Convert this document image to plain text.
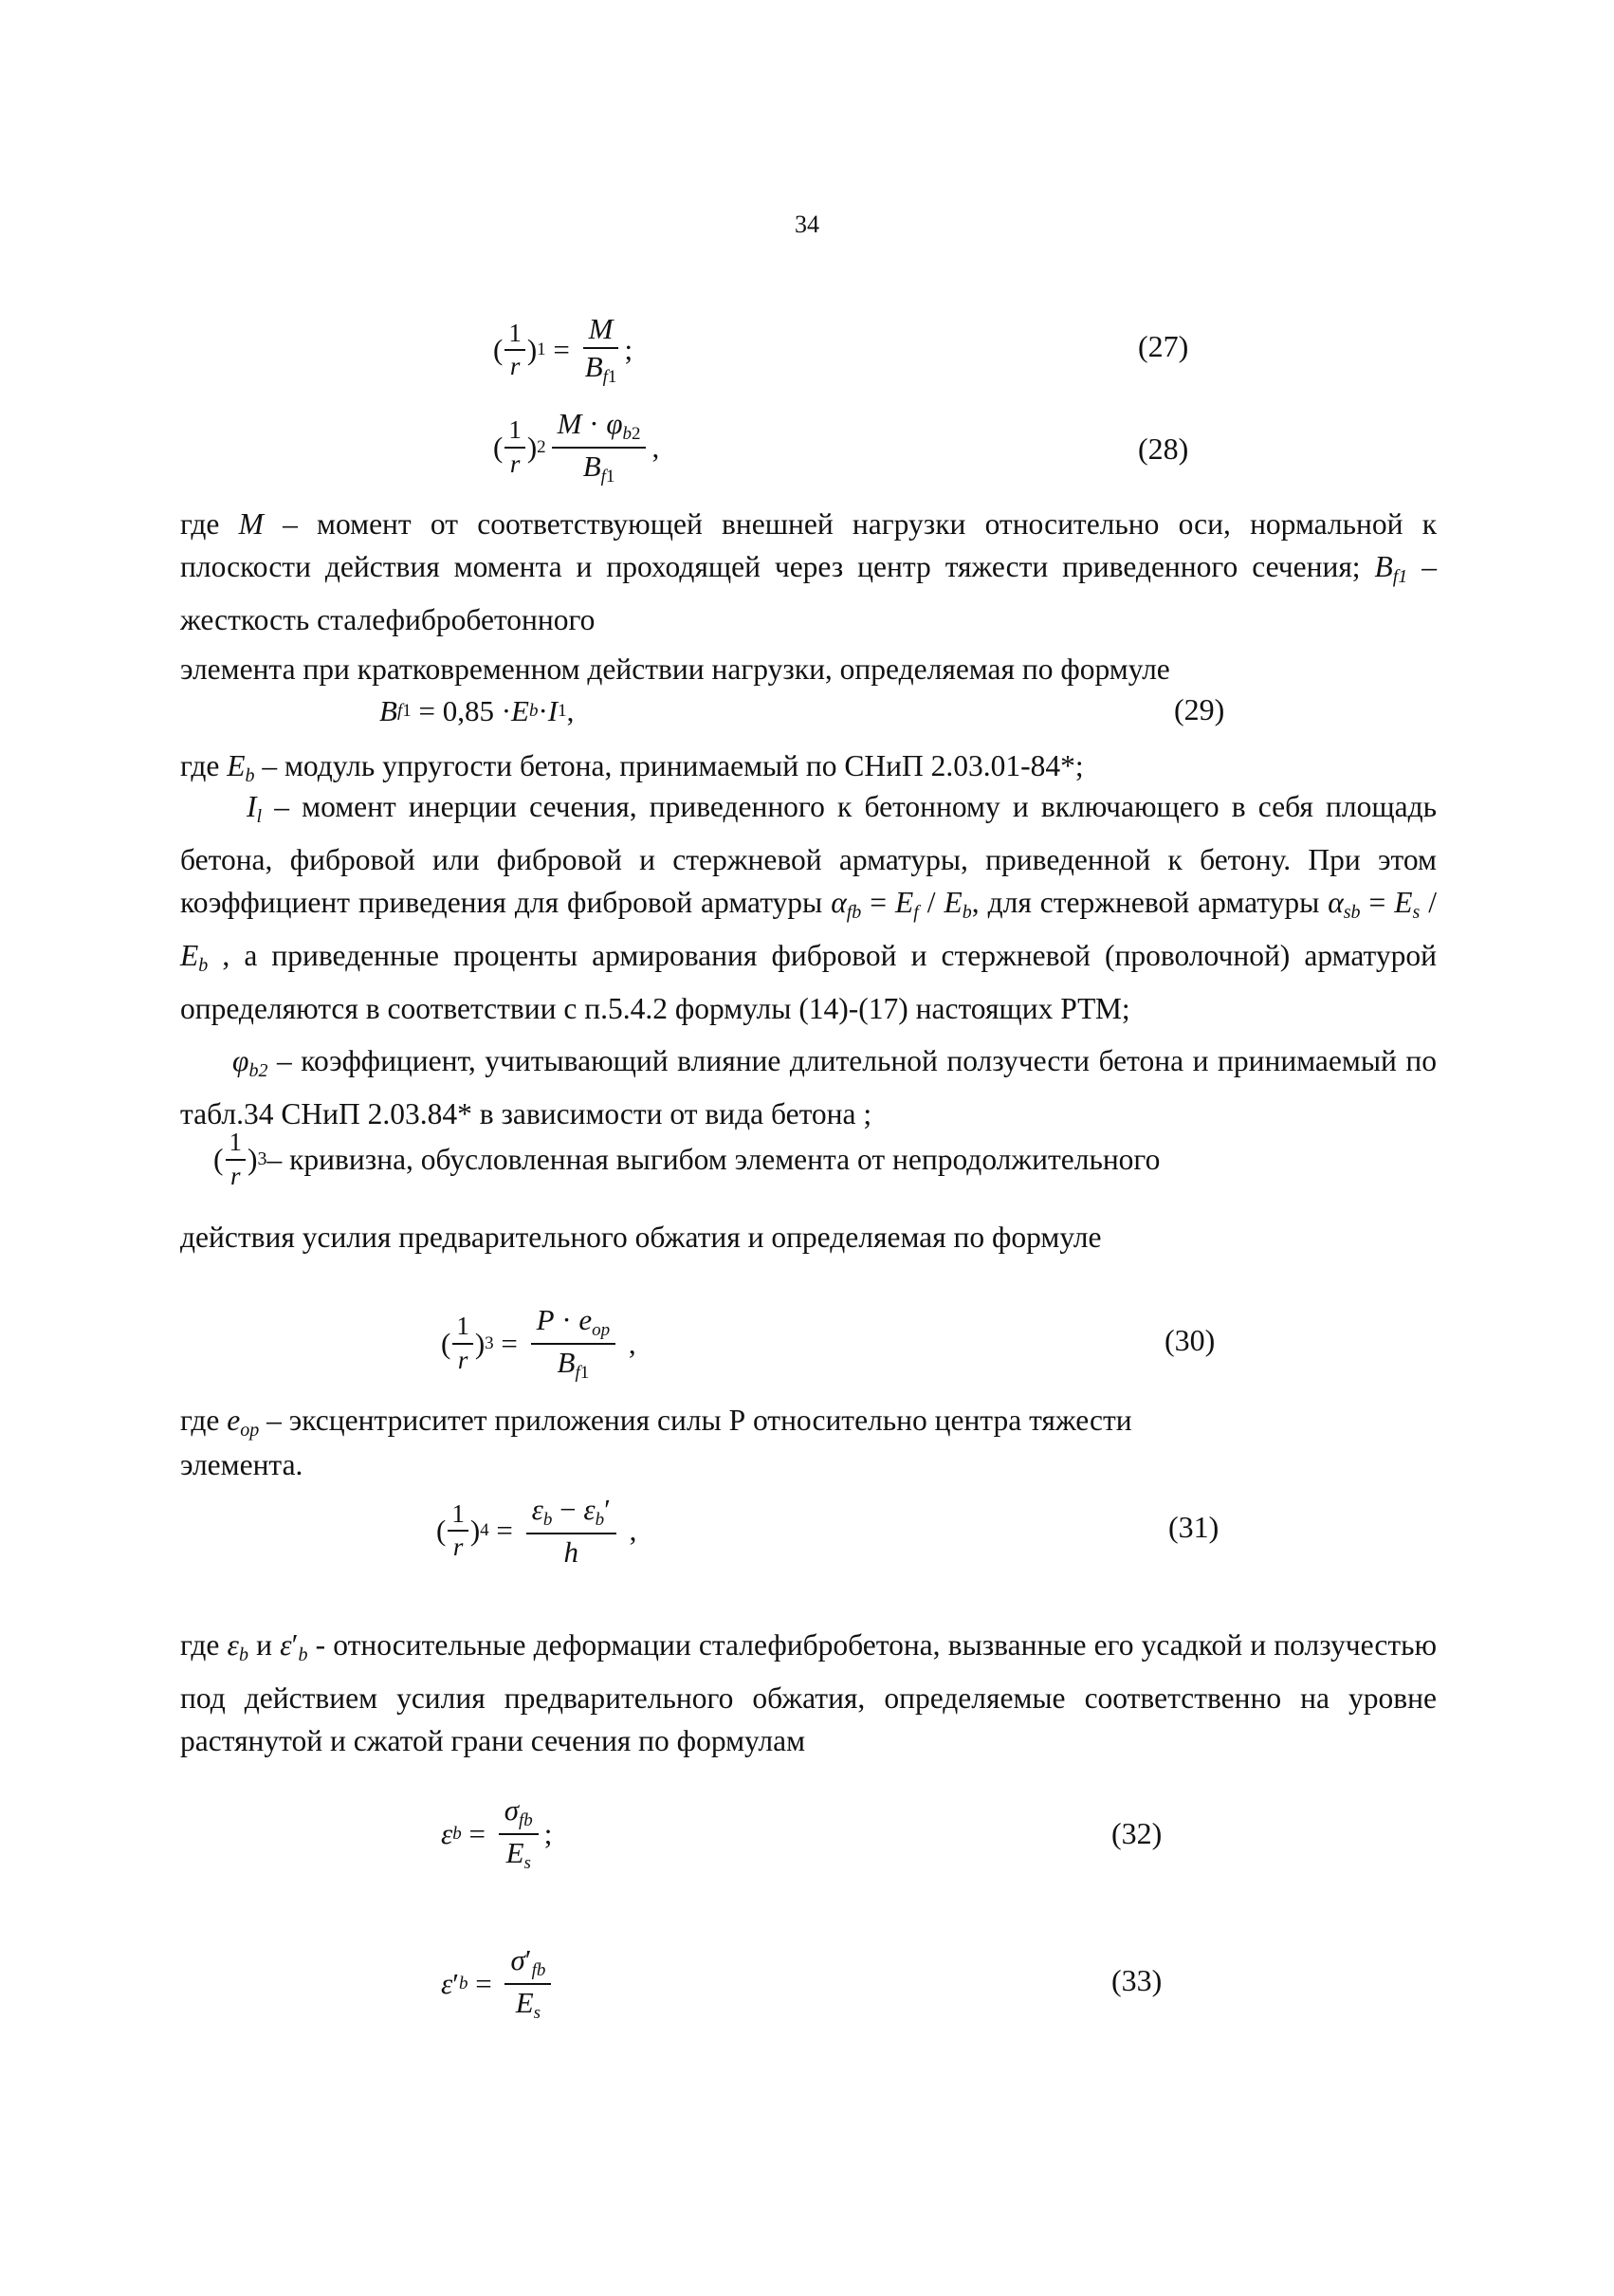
34
( $\frac{1}{r}$ ) $1 = \frac{M}{B_{f1}}$ ;	(27)
( $\frac{1}{r}$ ) $2 \frac{M \cdot \varphi_{b2}}{B_{f1}}$ ,	(28)
где M – момент от соответствующей внешней нагрузки относительно оси, нормальной к плоскости действия момента и проходящей через центр тяжести приведенного сечения; $B_{f1}$ – жесткость сталефибробетонного
элемента при кратковременном действии нагрузки, определяемая по формуле
B f 1
= 0,85 · E b · I 1 ,	(29)
где $E_b$ – модуль упругости бетона, принимаемый по СНиП 2.03.01-84*;
$I_l$ – момент инерции сечения, приведенного к бетонному и включающего в себя площадь бетона, фибровой или фибровой и стержневой арматуры, приведенной к бетону. При этом коэффициент приведения для фибровой арматуры $\alpha_{fb} = E_f / E_b$, для стержневой арматуры $\alpha_{sb} = E_s / E_b$ , а приведенные проценты армирования фибровой и стержневой (проволочной) арматурой определяются в соответствии с п.5.4.2 формулы (14)-(17) настоящих РТМ;
$\varphi_{b2}$ – коэффициент, учитывающий влияние длительной ползучести бетона и принимаемый по табл.34 СНиП 2.03.84* в зависимости от вида бетона ;
( $\frac{1}{r}$ ) 3 – кривизна, обусловленная выгибом элемента от непродолжительного
действия усилия предварительного обжатия и определяемая по формуле
( $\frac{1}{r}$ ) $3 = \frac{P \cdot e_{op}}{B_{f1}}$
,	(30)
где $e_{op}$ – эксцентриситет приложения силы Р относительно центра тяжести
элемента.
( $\frac{1}{r}$ ) $4 = \frac{\varepsilon_b - \varepsilon_b'}{h}$
,	(31)
где $\varepsilon_b$ и $\varepsilon'_b$ - относительные деформации сталефибробетона, вызванные его усадкой и ползучестью под действием усилия предварительного обжатия, определяемые соответственно на уровне растянутой и сжатой грани сечения по формулам
ε $b = \frac{\sigma_{fb}}{E_s}$ ;	(32)
ε ′ $b = \frac{\sigma'_{fb}}{E_s}$	(33)
